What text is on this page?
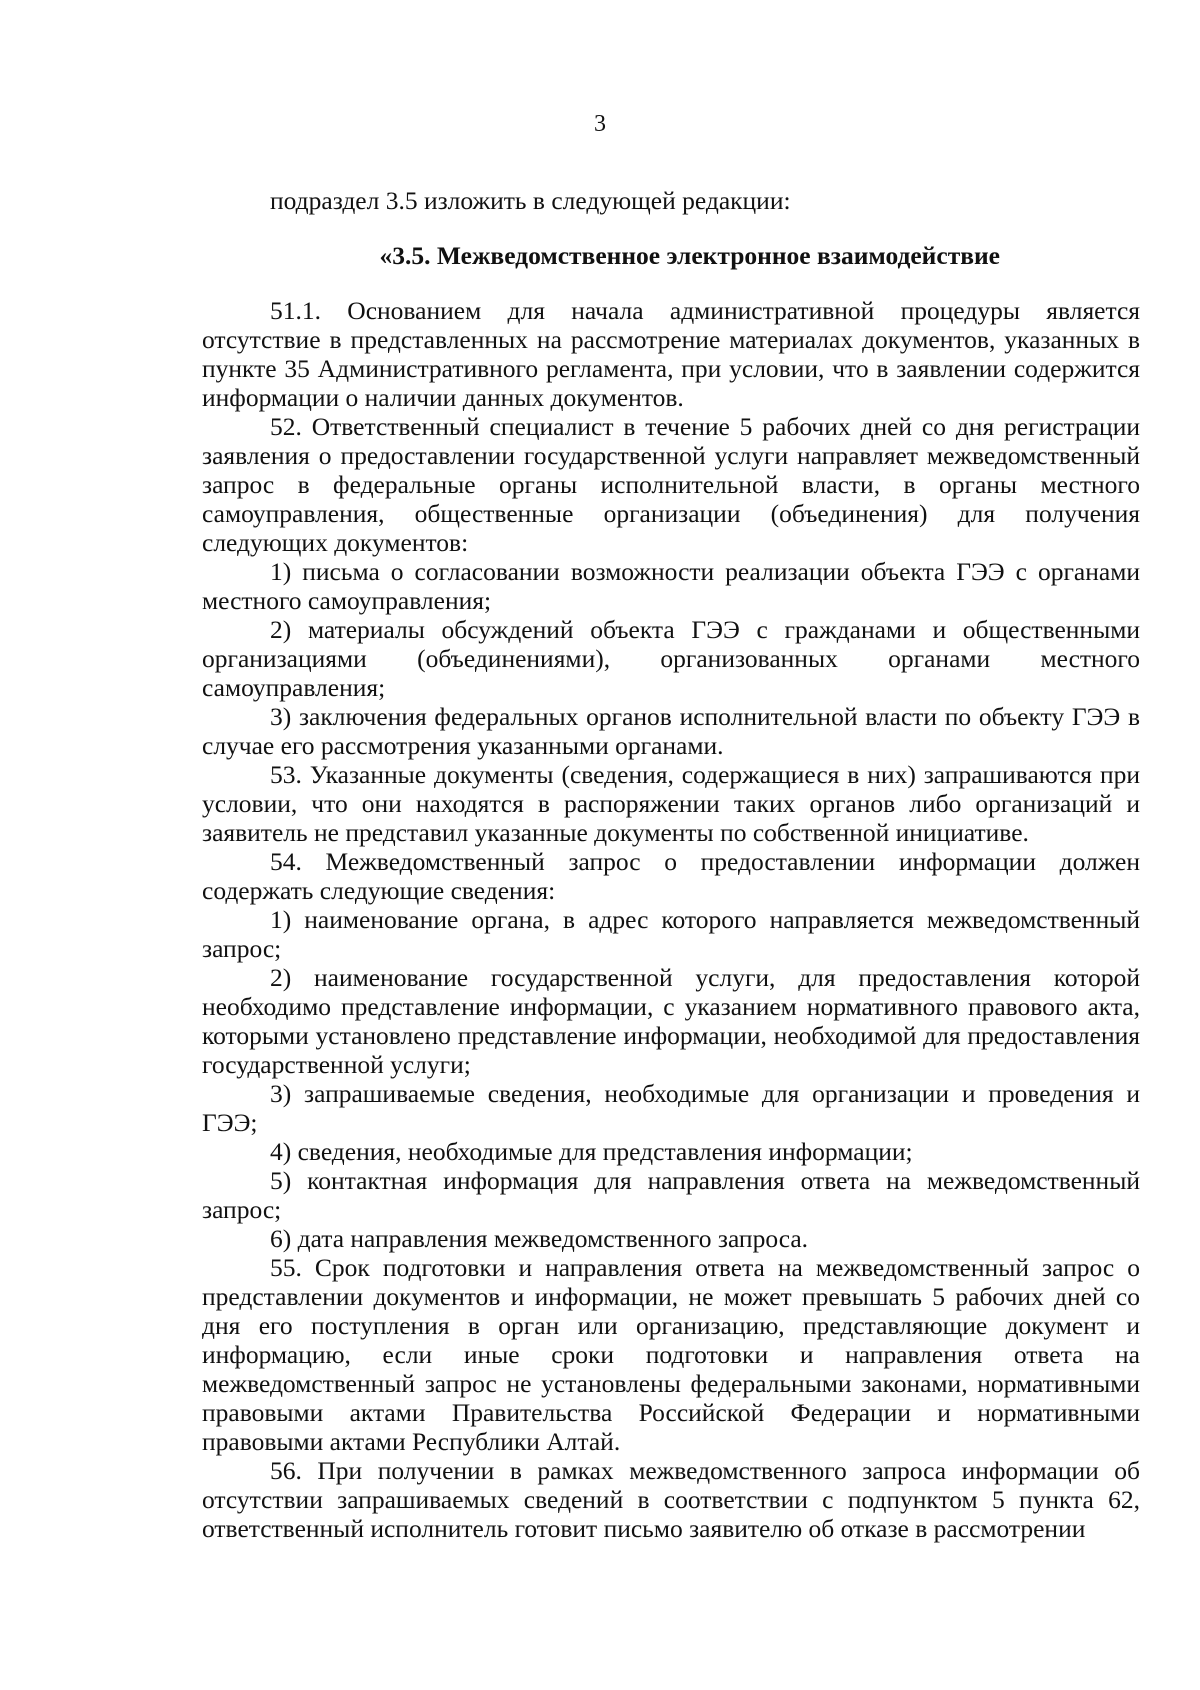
3

подраздел 3.5 изложить в следующей редакции:

«3.5. Межведомственное электронное взаимодействие

51.1. Основанием для начала административной процедуры является отсутствие в представленных на рассмотрение материалах документов, указанных в пункте 35 Административного регламента, при условии, что в заявлении содержится информации о наличии данных документов.

52. Ответственный специалист в течение 5 рабочих дней со дня регистрации заявления о предоставлении государственной услуги направляет межведомственный запрос в федеральные органы исполнительной власти, в органы местного самоуправления, общественные организации (объединения) для получения следующих документов:

1) письма о согласовании возможности реализации объекта ГЭЭ с органами местного самоуправления;

2) материалы обсуждений объекта ГЭЭ с гражданами и общественными организациями (объединениями), организованных органами местного самоуправления;

3) заключения федеральных органов исполнительной власти по объекту ГЭЭ в случае его рассмотрения указанными органами.

53. Указанные документы (сведения, содержащиеся в них) запрашиваются при условии, что они находятся в распоряжении таких органов либо организаций и заявитель не представил указанные документы по собственной инициативе.

54. Межведомственный запрос о предоставлении информации должен содержать следующие сведения:

1) наименование органа, в адрес которого направляется межведомственный запрос;

2) наименование государственной услуги, для предоставления которой необходимо представление информации, с указанием нормативного правового акта, которыми установлено представление информации, необходимой для предоставления государственной услуги;

3) запрашиваемые сведения, необходимые для организации и проведения и ГЭЭ;

4) сведения, необходимые для представления информации;

5) контактная информация для направления ответа на межведомственный запрос;

6) дата направления межведомственного запроса.

55. Срок подготовки и направления ответа на межведомственный запрос о представлении документов и информации, не может превышать 5 рабочих дней со дня его поступления в орган или организацию, представляющие документ и информацию, если иные сроки подготовки и направления ответа на межведомственный запрос не установлены федеральными законами, нормативными правовыми актами Правительства Российской Федерации и нормативными правовыми актами Республики Алтай.

56. При получении в рамках межведомственного запроса информации об отсутствии запрашиваемых сведений в соответствии с подпунктом 5 пункта 62, ответственный исполнитель готовит письмо заявителю об отказе в рассмотрении
